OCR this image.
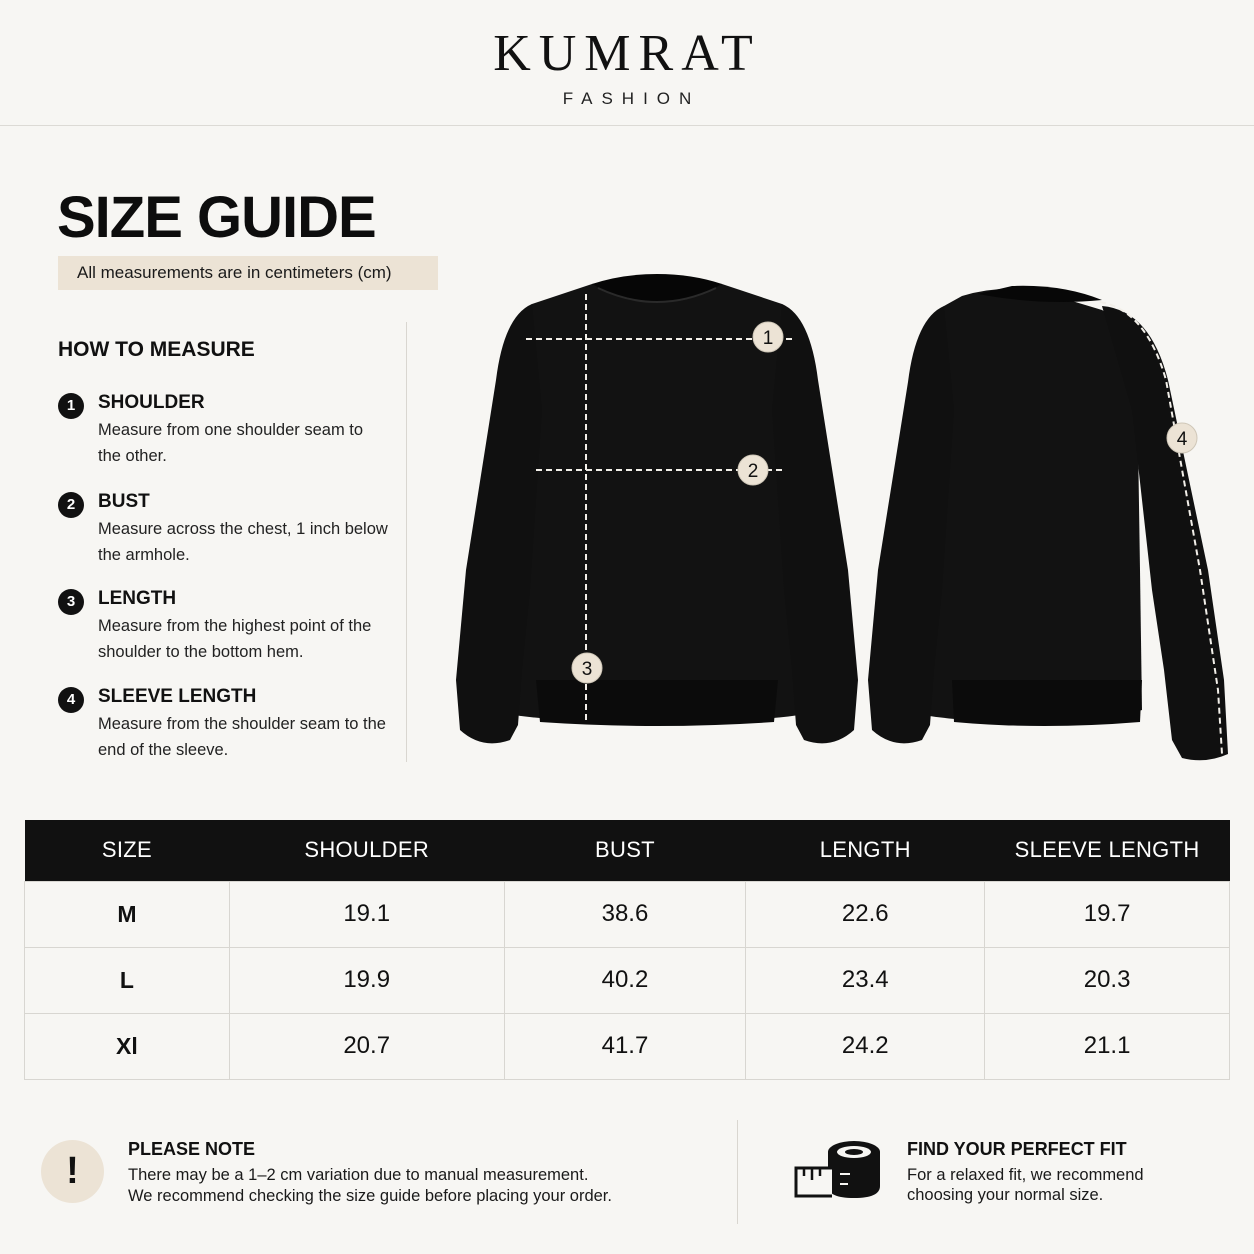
KUMRAT
FASHION
SIZE GUIDE
All measurements are in centimeters (cm)
HOW TO MEASURE
1	SHOULDER
Measure from one shoulder seam to the other.
2	BUST
Measure across the chest, 1 inch below the armhole.
3	LENGTH
Measure from the highest point of the shoulder to the bottom hem.
4	SLEEVE LENGTH
Measure from the shoulder seam to the end of the sleeve.
1
2
3
4
SIZE	SHOULDER	BUST	LENGTH	SLEEVE LENGTH
M	19.1	38.6	22.6	19.7
L	19.9	40.2	23.4	20.3
Xl	20.7	41.7	24.2	21.1
!
PLEASE NOTE
There may be a 1–2 cm variation due to manual measurement.
We recommend checking the size guide before placing your order.
FIND YOUR PERFECT FIT
For a relaxed fit, we recommend
choosing your normal size.
